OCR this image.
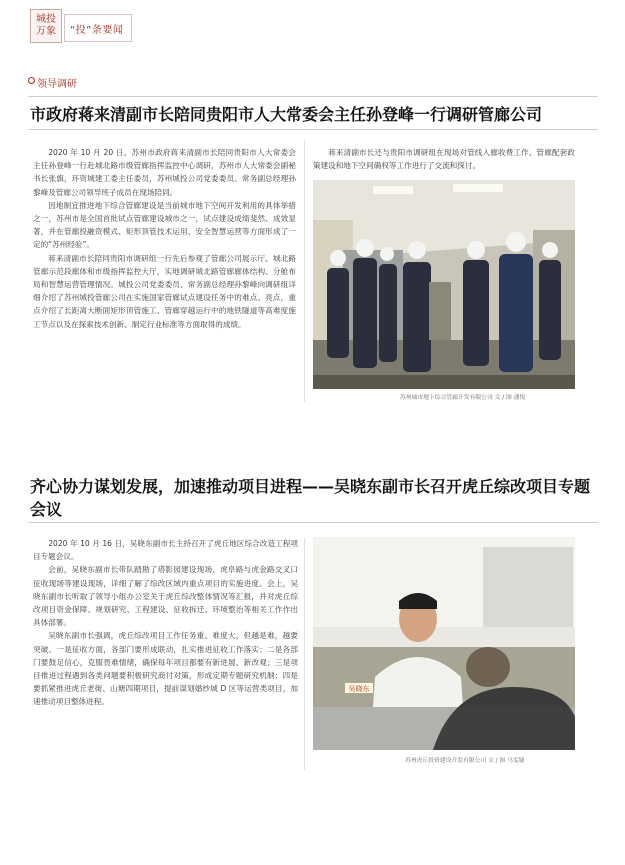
城投
万象 “投”条要闻
领导调研
市政府蒋来清副市长陪同贵阳市人大常委会主任孙登峰一行调研管廊公司

2020 年 10 月 20 日，苏州市政府蒋来清副市长陪同贵阳市人大常委会主任孙登峰一行赴城北路市级管廊指挥监控中心调研，苏州市人大常委会副秘书长张旗，环资城建工委主任委员，苏州城投公司党委委员、常务副总经理孙黎峰及管廊公司领导班子成员在现场陪同。

因地制宜推进地下综合管廊建设是当前城市地下空间开发利用的具体举措之一，苏州市是全国首批试点管廊建设城市之一，试点建设成绩斐然、成效显著，并在管廊投融资模式、矩形顶管技术运用、安全智慧运营等方面形成了一定的“苏州经验”。

蒋来清副市长陪同贵阳市调研组一行先后参观了管廊公司展示厅、城北路管廊示范段廊体和市级指挥监控大厅，实地调研城北路管廊廊体结构、分舱布局和智慧运营管理情况。城投公司党委委员、常务副总经理孙黎峰向调研组详细介绍了苏州城投管廊公司在实施国家管廊试点建设任务中的难点、亮点，重点介绍了长距离大断面矩形顶管施工、管廊穿越运行中的地铁隧道等高难度施工节点以及在探索技术创新、制定行业标准等方面取得的成绩。

蒋来清副市长还与贵阳市调研组在现场对管线入廊收费工作、管廊配套政策建设和地下空间确权等工作进行了交流和探讨。

苏州城市地下综合管廊开发有限公司 文 / 图 潘悦
齐心协力谋划发展，加速推动项目进程——吴晓东副市长召开虎丘综改项目专题会议

2020 年 10 月 16 日，吴晓东副市长主持召开了虎丘地区综合改造工程项目专题会议。

会前，吴晓东副市长带队踏勘了塔影园建设现场、虎阜路与虎金路交叉口征收现场等建设现场，详细了解了综改区域内重点项目的实施进度。会上，吴晓东副市长听取了领导小组办公室关于虎丘综改整体情况等汇报，并对虎丘综改项目资金保障、规划研究、工程建设、征收拆迁、环境整治等相关工作作出具体部署。

吴晓东副市长强调，虎丘综改项目工作任务重、难度大，但越是难，越要突破。一是征收方面，各部门要形成联动，扎实推进征收工作落实；二是各部门要鼓足信心，克服畏难情绪，确保每年项目都要有新进展、新改观；三是项目推进过程遇到各类问题要积极研究商讨对策，形成定期专题研究机制；四是要抓紧推进虎丘老街、山塘四期项目，提前谋划婚纱城 D 区等运营类项目，加速推动项目整体进程。

吴晓东
苏州虎丘投资建设开发有限公司 文 / 图 马雯婕
